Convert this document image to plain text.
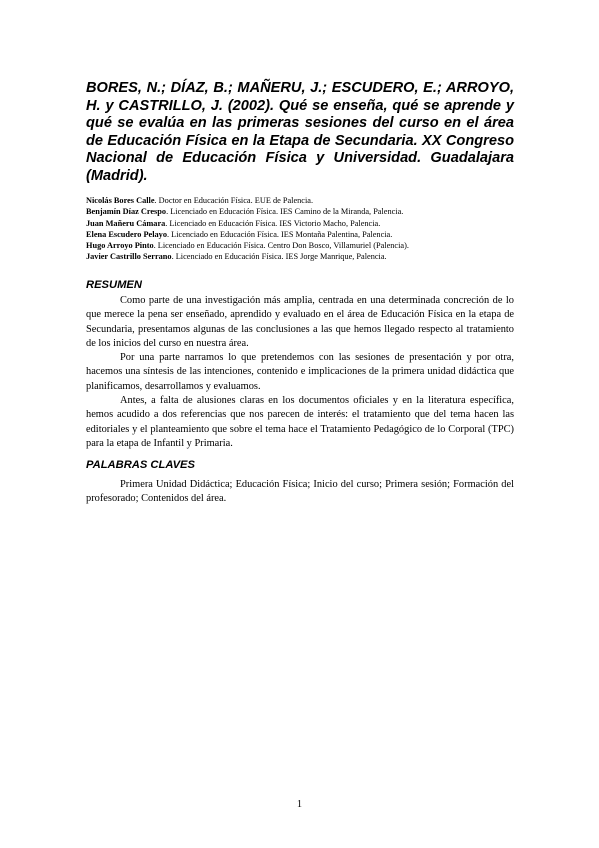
BORES, N.; DÍAZ, B.; MAÑERU, J.; ESCUDERO, E.; ARROYO, H. y CASTRILLO, J. (2002). Qué se enseña, qué se aprende y qué se evalúa en las primeras sesiones del curso en el área de Educación Física en la Etapa de Secundaria. XX Congreso Nacional de Educación Física y Universidad. Guadalajara (Madrid).
Nicolás Bores Calle. Doctor en Educación Física. EUE de Palencia.
Benjamín Díaz Crespo. Licenciado en Educación Física. IES Camino de la Miranda, Palencia.
Juan Mañeru Cámara. Licenciado en Educación Física. IES Victorio Macho, Palencia.
Elena Escudero Pelayo. Licenciado en Educación Física. IES Montaña Palentina, Palencia.
Hugo Arroyo Pinto. Licenciado en Educación Física. Centro Don Bosco, Villamuriel (Palencia).
Javier Castrillo Serrano. Licenciado en Educación Física. IES Jorge Manrique, Palencia.
RESUMEN

Como parte de una investigación más amplia, centrada en una determinada concreción de lo que merece la pena ser enseñado, aprendido y evaluado en el área de Educación Física en la etapa de Secundaria, presentamos algunas de las conclusiones a las que hemos llegado respecto al tratamiento de los inicios del curso en nuestra área.

Por una parte narramos lo que pretendemos con las sesiones de presentación y por otra, hacemos una síntesis de las intenciones, contenido e implicaciones de la primera unidad didáctica que planificamos, desarrollamos y evaluamos.

Antes, a falta de alusiones claras en los documentos oficiales y en la literatura específica, hemos acudido a dos referencias que nos parecen de interés: el tratamiento que del tema hacen las editoriales y el planteamiento que sobre el tema hace el Tratamiento Pedagógico de lo Corporal (TPC) para la etapa de Infantil y Primaria.

PALABRAS CLAVES

Primera Unidad Didáctica; Educación Física; Inicio del curso; Primera sesión; Formación del profesorado; Contenidos del área.

1
